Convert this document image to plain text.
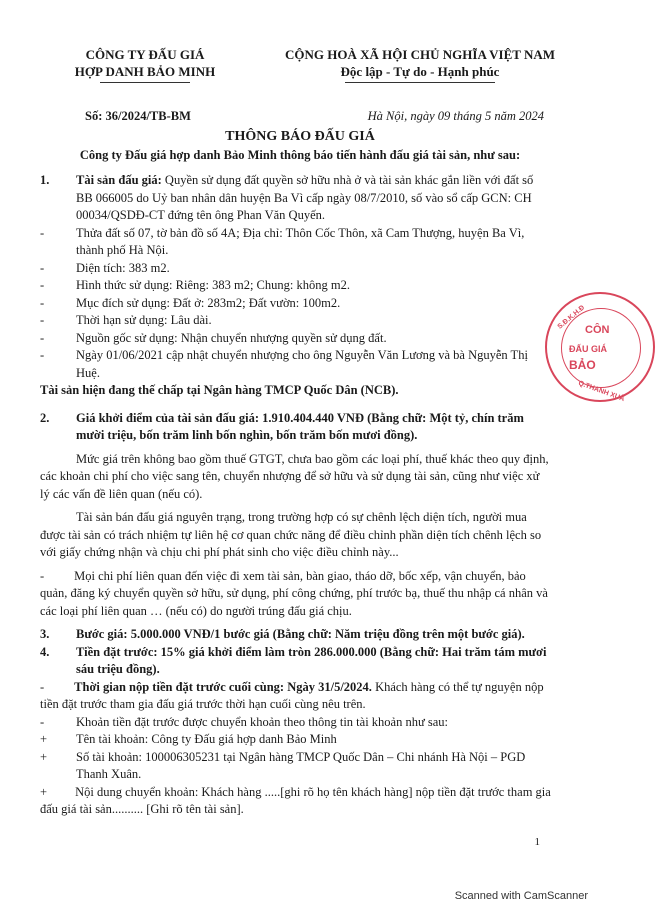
CÔNG TY ĐẤU GIÁ
HỢP DANH BẢO MINH
CỘNG HOÀ XÃ HỘI CHỦ NGHĨA VIỆT NAM
Độc lập - Tự do - Hạnh phúc
Số: 36/2024/TB-BM	Hà Nội, ngày 09 tháng 5 năm 2024
THÔNG BÁO ĐẤU GIÁ
Công ty Đấu giá hợp danh Bảo Minh thông báo tiến hành đấu giá tài sản, như sau:
1. Tài sản đấu giá: Quyền sử dụng đất quyền sở hữu nhà ở và tài sản khác gắn liền với đất số BB 066005 do Uỷ ban nhân dân huyện Ba Vì cấp ngày 08/7/2010, số vào sổ cấp GCN: CH 00034/QSDĐ-CT đứng tên ông Phan Văn Quyến.
-	Thửa đất số 07, tờ bản đồ số 4A; Địa chỉ: Thôn Cốc Thôn, xã Cam Thượng, huyện Ba Vì, thành phố Hà Nội.
-	Diện tích: 383 m2.
-	Hình thức sử dụng: Riêng: 383 m2; Chung: không m2.
-	Mục đích sử dụng: Đất ở: 283m2; Đất vườn: 100m2.
-	Thời hạn sử dụng: Lâu dài.
-	Nguồn gốc sử dụng: Nhận chuyển nhượng quyền sử dụng đất.
-	Ngày 01/06/2021 cập nhật chuyển nhượng cho ông Nguyễn Văn Lương và bà Nguyễn Thị Huệ.
Tài sản hiện đang thế chấp tại Ngân hàng TMCP Quốc Dân (NCB).
2. Giá khởi điểm của tài sản đấu giá: 1.910.404.440 VNĐ (Bằng chữ: Một tỷ, chín trăm mười triệu, bốn trăm linh bốn nghìn, bốn trăm bốn mươi đồng).
Mức giá trên không bao gồm thuế GTGT, chưa bao gồm các loại phí, thuế khác theo quy định, các khoản chi phí cho việc sang tên, chuyển nhượng để sở hữu và sử dụng tài sản, cũng như việc xử lý các vấn đề liên quan (nếu có).
Tài sản bán đấu giá nguyên trạng, trong trường hợp có sự chênh lệch diện tích, người mua được tài sản có trách nhiệm tự liên hệ cơ quan chức năng để điều chỉnh phần diện tích chênh lệch so với giấy chứng nhận và chịu chi phí phát sinh cho việc điều chỉnh này...
- Mọi chi phí liên quan đến việc đi xem tài sản, bàn giao, tháo dỡ, bốc xếp, vận chuyển, bảo quản, đăng ký chuyển quyền sở hữu, sử dụng, phí công chứng, phí trước bạ, thuế thu nhập cá nhân và các loại phí liên quan … (nếu có) do người trúng đấu giá chịu.
3. Bước giá: 5.000.000 VNĐ/1 bước giá (Bằng chữ: Năm triệu đồng trên một bước giá).
4. Tiền đặt trước: 15% giá khởi điểm làm tròn 286.000.000 (Bằng chữ: Hai trăm tám mươi sáu triệu đồng).
- Thời gian nộp tiền đặt trước cuối cùng: Ngày 31/5/2024. Khách hàng có thể tự nguyện nộp tiền đặt trước tham gia đấu giá trước thời hạn cuối cùng nêu trên.
-	Khoản tiền đặt trước được chuyển khoản theo thông tin tài khoản như sau:
+ Tên tài khoản: Công ty Đấu giá hợp danh Bảo Minh
+ Số tài khoản: 100006305231 tại Ngân hàng TMCP Quốc Dân – Chi nhánh Hà Nội – PGD Thanh Xuân.
+ Nội dung chuyển khoản: Khách hàng .....[ghi rõ họ tên khách hàng] nộp tiền đặt trước tham gia đấu giá tài sản.......... [Ghi rõ tên tài sản].
1
CÔN
ĐẤU GIÁ
BẢO
S.Đ.K.H.Đ
Q.THANH XUÂ
Scanned with CamScanner
